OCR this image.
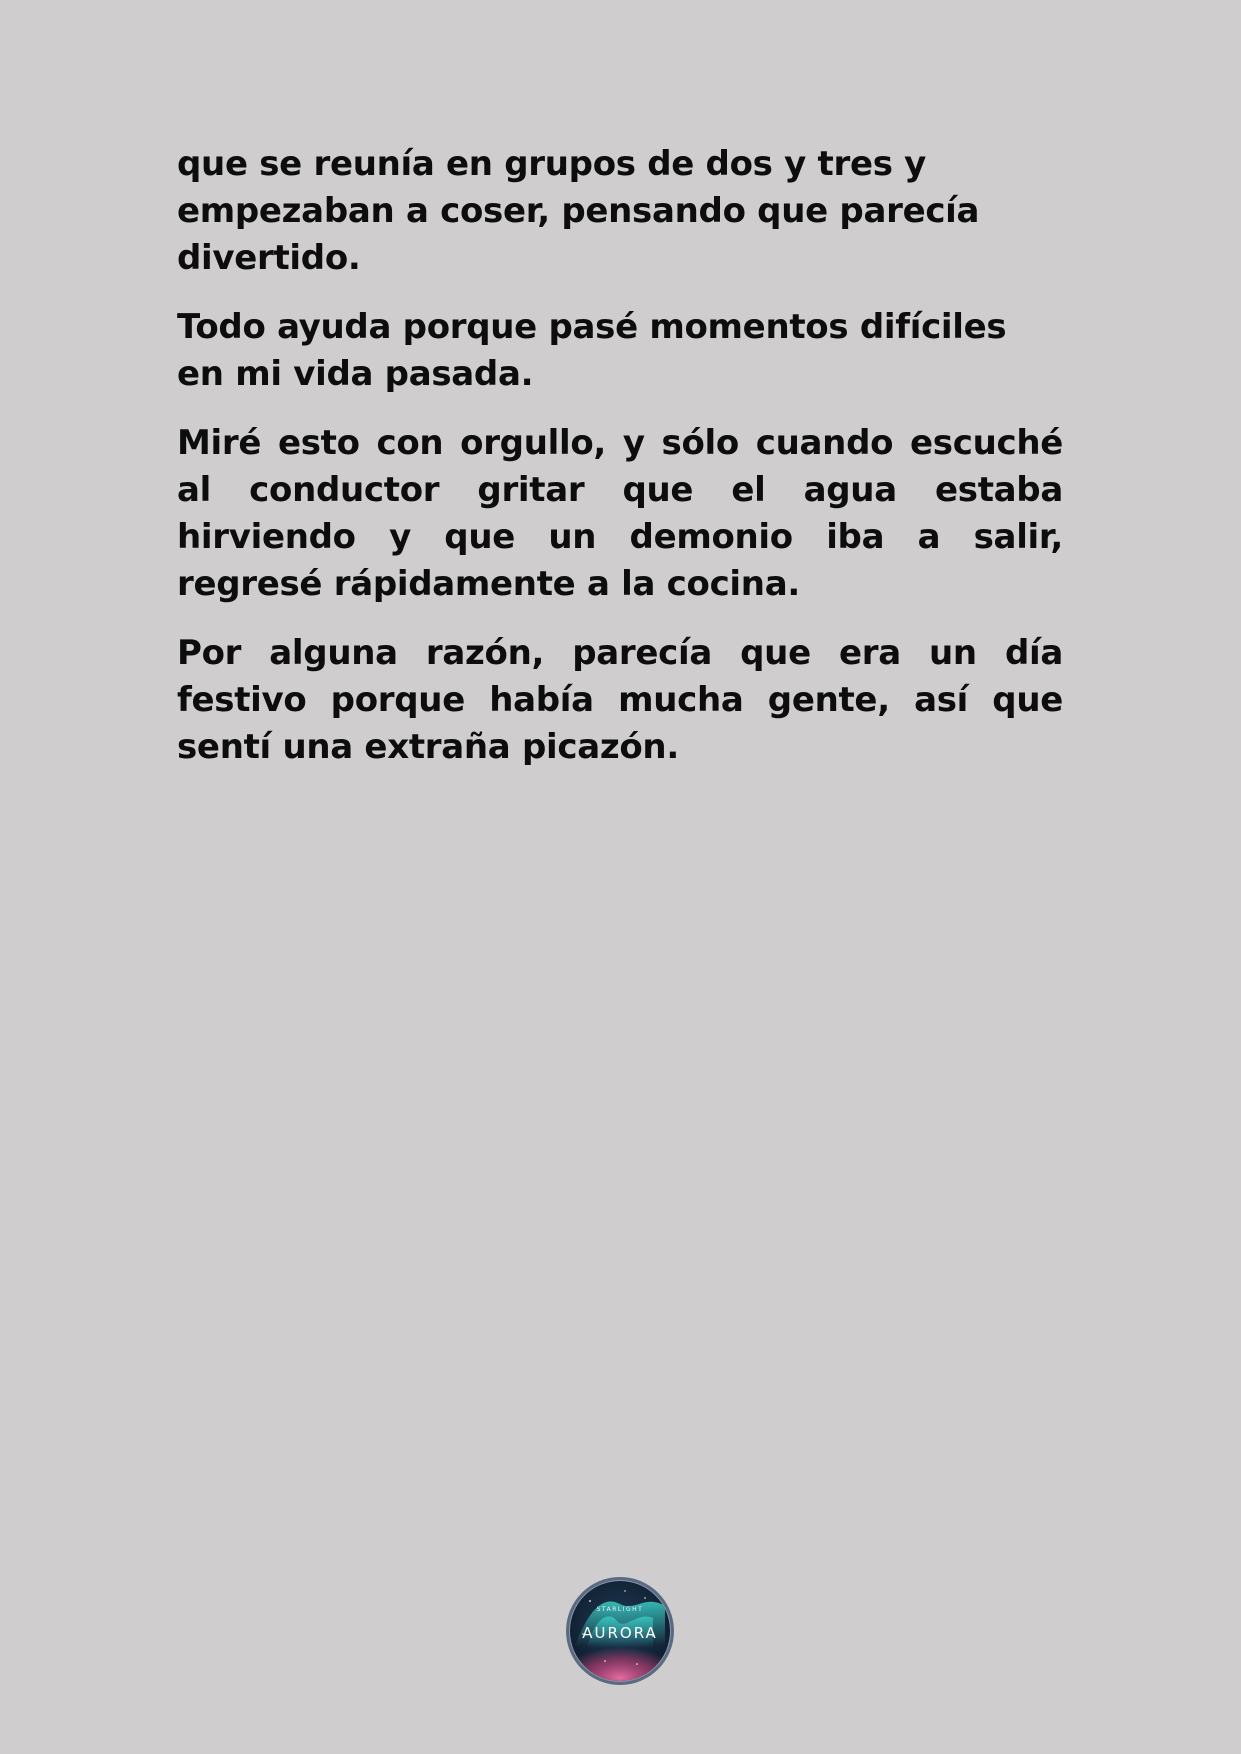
que se reunía en grupos de dos y tres y empezaban a coser, pensando que parecía divertido.

Todo ayuda porque pasé momentos difíciles en mi vida pasada.

Miré esto con orgullo, y sólo cuando escuché al conductor gritar que el agua estaba hirviendo y que un demonio iba a salir, regresé rápidamente a la cocina.

Por alguna razón, parecía que era un día festivo porque había mucha gente, así que sentí una extraña picazón.

STARLIGHT
AURORA
